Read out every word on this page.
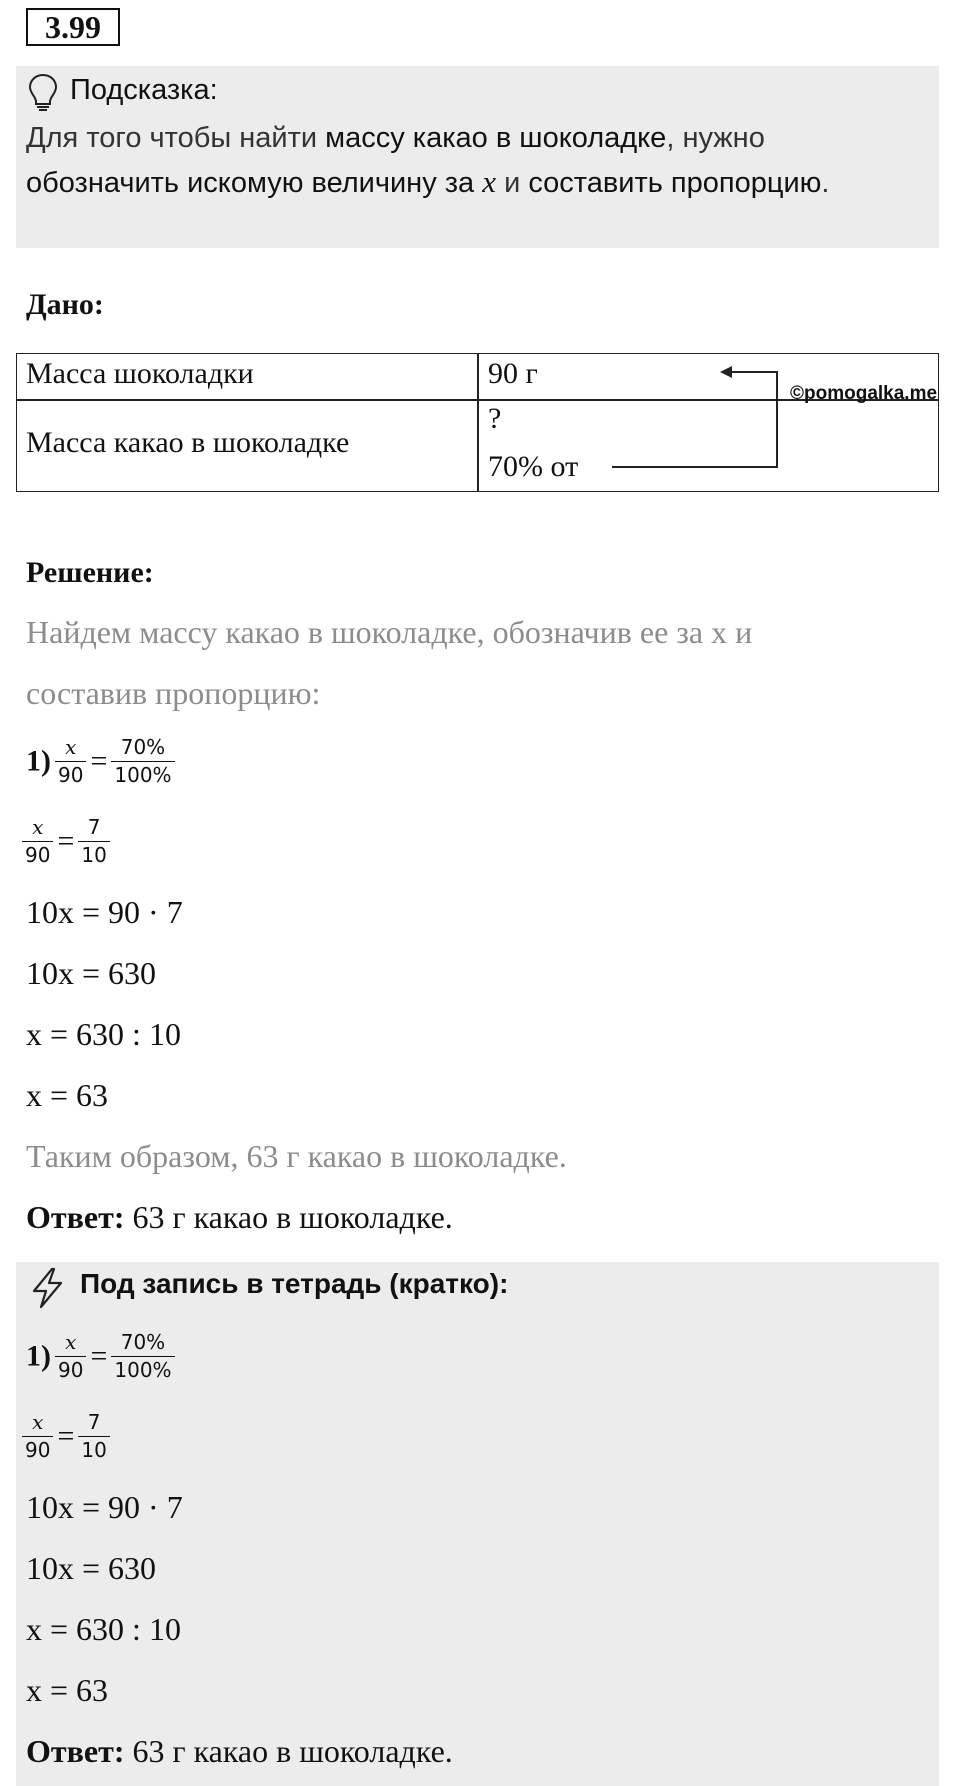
3.99
Подсказка:
Для того чтобы найти массу какао в шоколадке, нужно
обозначить искомую величину за x и составить пропорцию.
Дано:
Масса шоколадки	90 г
Масса какао в шоколадке
?
70% от
©pomogalka.me
Решение:
Найдем массу какао в шоколадке, обозначив ее за x и
составив пропорцию:
$1) \frac{x}{90} = \frac{70\%}{100\%}$
$\frac{x}{90} = \frac{7}{10}$
10x = 90 · 7
10x = 630
x = 630 : 10
x = 63
Таким образом, 63 г какао в шоколадке.
Ответ: 63 г какао в шоколадке.
Под запись в тетрадь (кратко):
$1) \frac{x}{90} = \frac{70\%}{100\%}$
$\frac{x}{90} = \frac{7}{10}$
10x = 90 · 7
10x = 630
x = 630 : 10
x = 63
Ответ: 63 г какао в шоколадке.
